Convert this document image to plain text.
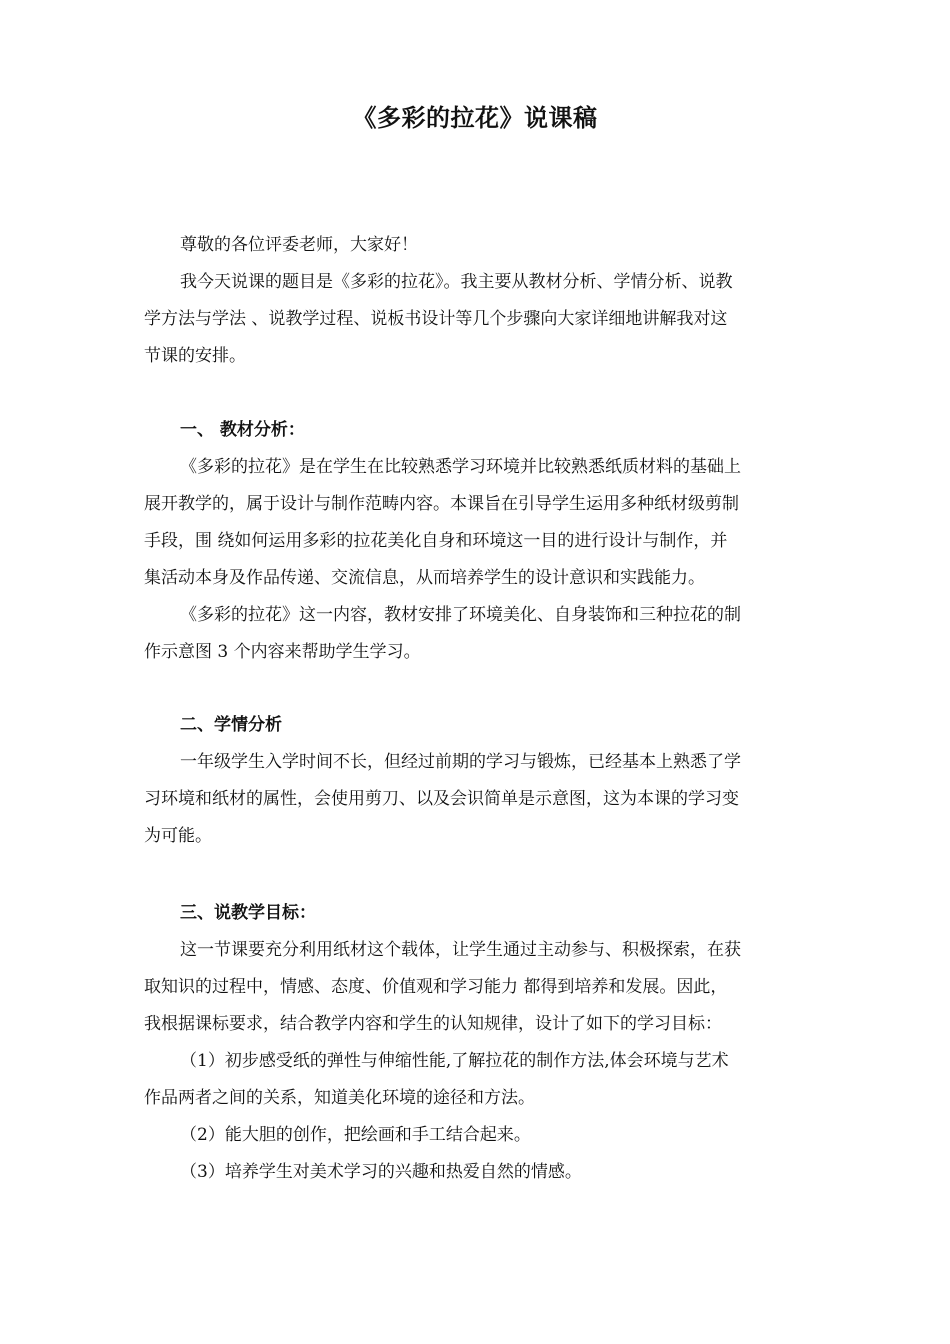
《多彩的拉花》说课稿
尊敬的各位评委老师，大家好！
我今天说课的题目是《多彩的拉花》。我主要从教材分析、学情分析、说教
学方法与学法 、说教学过程、说板书设计等几个步骤向大家详细地讲解我对这
节课的安排。
一、 教材分析：
《多彩的拉花》是在学生在比较熟悉学习环境并比较熟悉纸质材料的基础上
展开教学的，属于设计与制作范畴内容。本课旨在引导学生运用多种纸材级剪制
手段，围 绕如何运用多彩的拉花美化自身和环境这一目的进行设计与制作，并
集活动本身及作品传递、交流信息，从而培养学生的设计意识和实践能力。
《多彩的拉花》这一内容，教材安排了环境美化、自身装饰和三种拉花的制
作示意图 3 个内容来帮助学生学习。
二、学情分析
一年级学生入学时间不长，但经过前期的学习与锻炼，已经基本上熟悉了学
习环境和纸材的属性，会使用剪刀、以及会识简单是示意图，这为本课的学习变
为可能。
三、说教学目标：
这一节课要充分利用纸材这个载体，让学生通过主动参与、积极探索，在获
取知识的过程中，情感、态度、价值观和学习能力 都得到培养和发展。因此，
我根据课标要求，结合教学内容和学生的认知规律，设计了如下的学习目标：
（1）初步感受纸的弹性与伸缩性能,了解拉花的制作方法,体会环境与艺术
作品两者之间的关系，知道美化环境的途径和方法。
（2）能大胆的创作，把绘画和手工结合起来。
（3）培养学生对美术学习的兴趣和热爱自然的情感。
